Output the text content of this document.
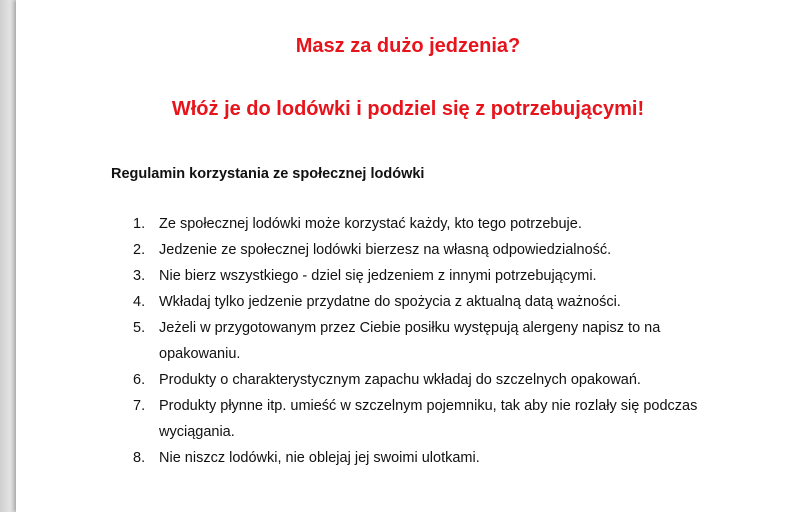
Masz za dużo jedzenia?
Włóż je do lodówki i podziel się z potrzebującymi!

Regulamin korzystania ze społecznej lodówki

1. Ze społecznej lodówki może korzystać każdy, kto tego potrzebuje.
2. Jedzenie ze społecznej lodówki bierzesz na własną odpowiedzialność.
3. Nie bierz wszystkiego - dziel się jedzeniem z innymi potrzebującymi.
4. Wkładaj tylko jedzenie przydatne do spożycia z aktualną datą ważności.
5. Jeżeli w przygotowanym przez Ciebie posiłku występują alergeny napisz to na opakowaniu.
6. Produkty o charakterystycznym zapachu wkładaj do szczelnych opakowań.
7. Produkty płynne itp. umieść w szczelnym pojemniku, tak aby nie rozlały się podczas wyciągania.
8. Nie niszcz lodówki, nie oblejaj jej swoimi ulotkami.
